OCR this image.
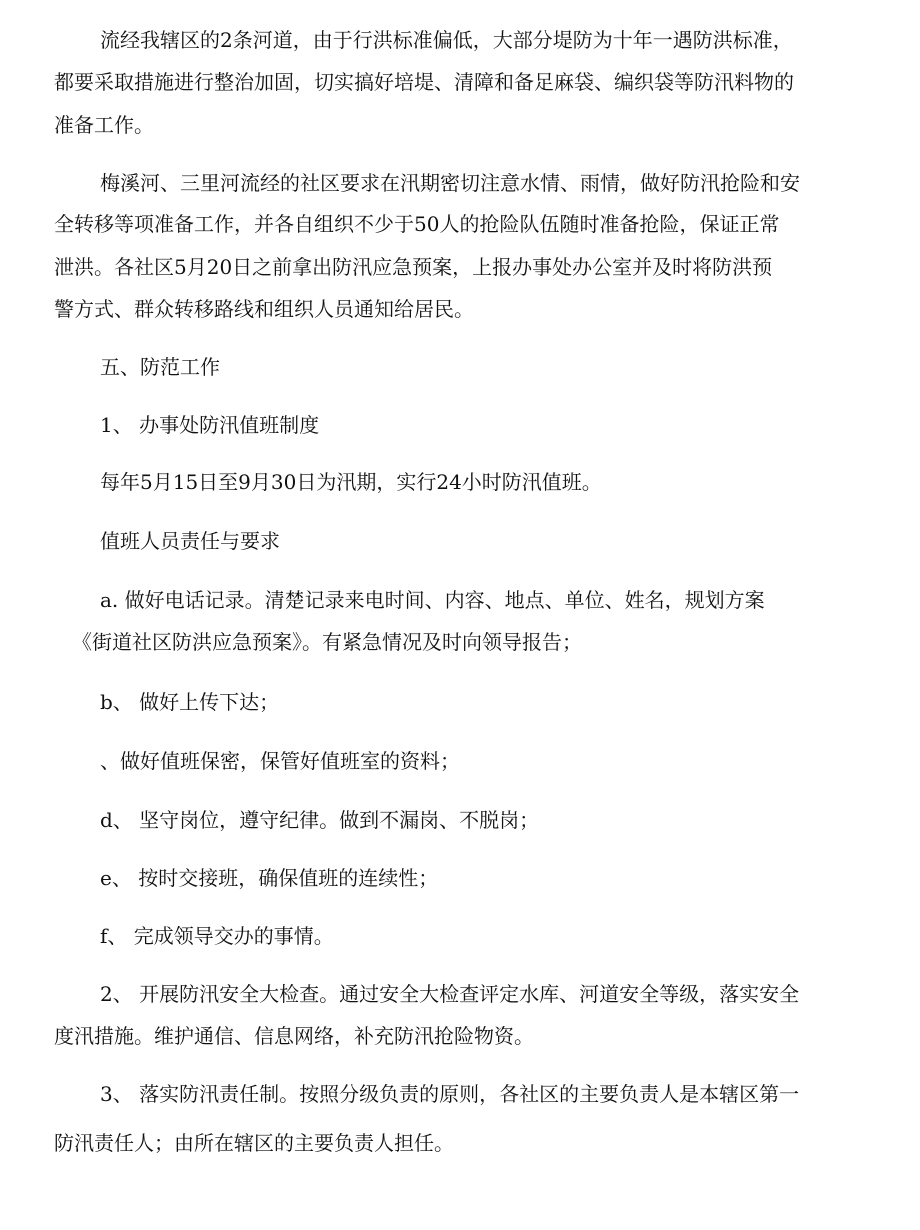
流经我辖区的2条河道，由于行洪标准偏低，大部分堤防为十年一遇防洪标准，
都要采取措施进行整治加固，切实搞好培堤、清障和备足麻袋、编织袋等防汛料物的
准备工作。
梅溪河、三里河流经的社区要求在汛期密切注意水情、雨情，做好防汛抢险和安
全转移等项准备工作，并各自组织不少于50人的抢险队伍随时准备抢险，保证正常
泄洪。各社区5月20日之前拿出防汛应急预案，上报办事处办公室并及时将防洪预
警方式、群众转移路线和组织人员通知给居民。
五、防范工作
1、 办事处防汛值班制度
每年5月15日至9月30日为汛期，实行24小时防汛值班。
值班人员责任与要求
a. 做好电话记录。清楚记录来电时间、内容、地点、单位、姓名，规划方案
《街道社区防洪应急预案》。有紧急情况及时向领导报告；
b、 做好上传下达；
、做好值班保密，保管好值班室的资料；
d、 坚守岗位，遵守纪律。做到不漏岗、不脱岗；
e、 按时交接班，确保值班的连续性；
f、 完成领导交办的事情。
2、 开展防汛安全大检查。通过安全大检查评定水库、河道安全等级，落实安全
度汛措施。维护通信、信息网络，补充防汛抢险物资。
3、 落实防汛责任制。按照分级负责的原则，各社区的主要负责人是本辖区第一
防汛责任人；由所在辖区的主要负责人担任。
